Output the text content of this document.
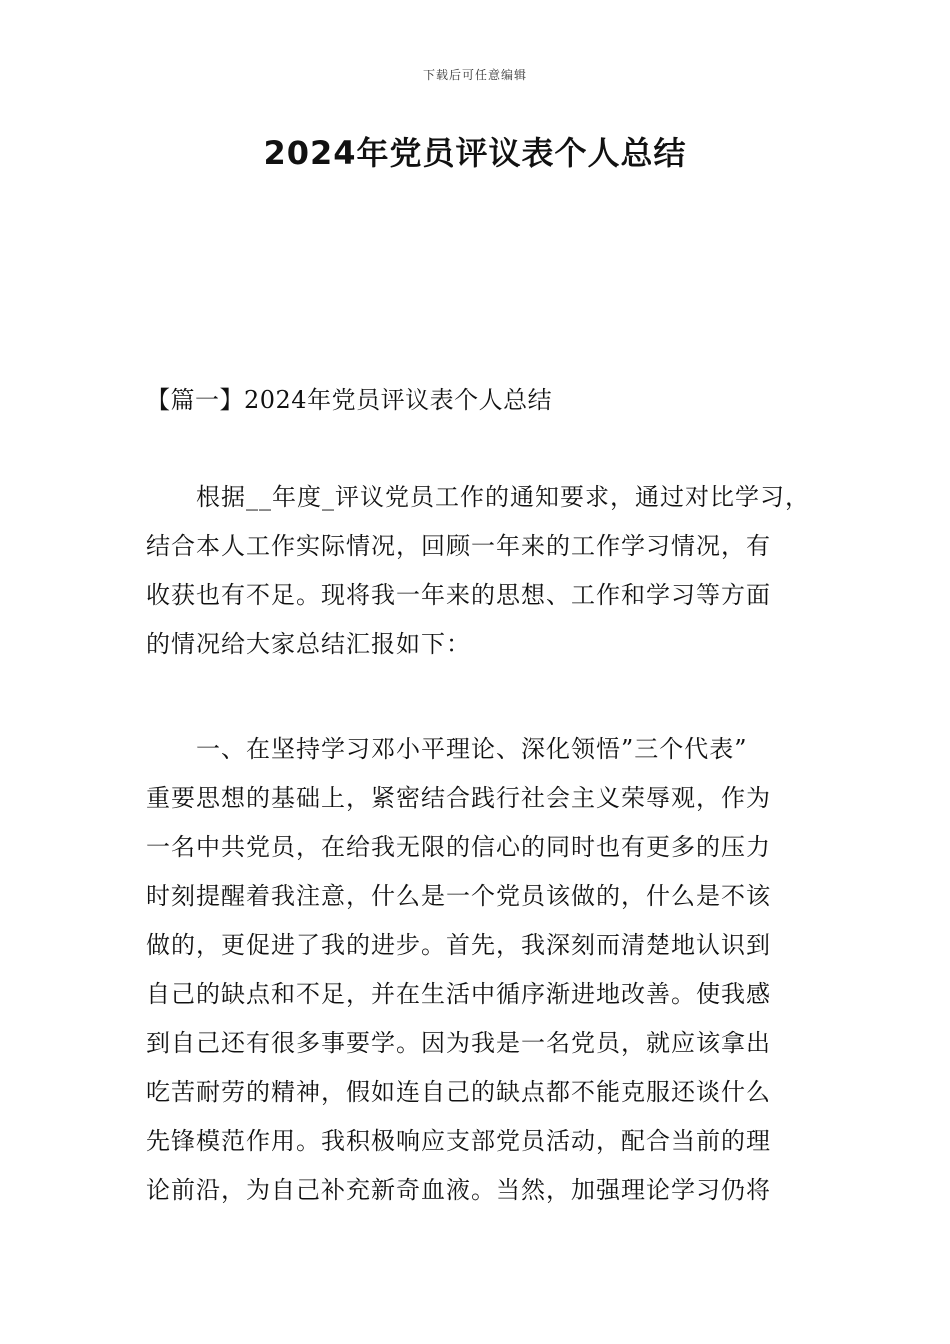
下载后可任意编辑
2024年党员评议表个人总结
【篇一】2024年党员评议表个人总结
　　根据__年度_评议党员工作的通知要求，通过对比学习，
结合本人工作实际情况，回顾一年来的工作学习情况，有
收获也有不足。现将我一年来的思想、工作和学习等方面
的情况给大家总结汇报如下：
　　一、在坚持学习邓小平理论、深化领悟”三个代表”
重要思想的基础上，紧密结合践行社会主义荣辱观，作为
一名中共党员，在给我无限的信心的同时也有更多的压力
时刻提醒着我注意，什么是一个党员该做的，什么是不该
做的，更促进了我的进步。首先，我深刻而清楚地认识到
自己的缺点和不足，并在生活中循序渐进地改善。使我感
到自己还有很多事要学。因为我是一名党员，就应该拿出
吃苦耐劳的精神，假如连自己的缺点都不能克服还谈什么
先锋模范作用。我积极响应支部党员活动，配合当前的理
论前沿，为自己补充新奇血液。当然，加强理论学习仍将
